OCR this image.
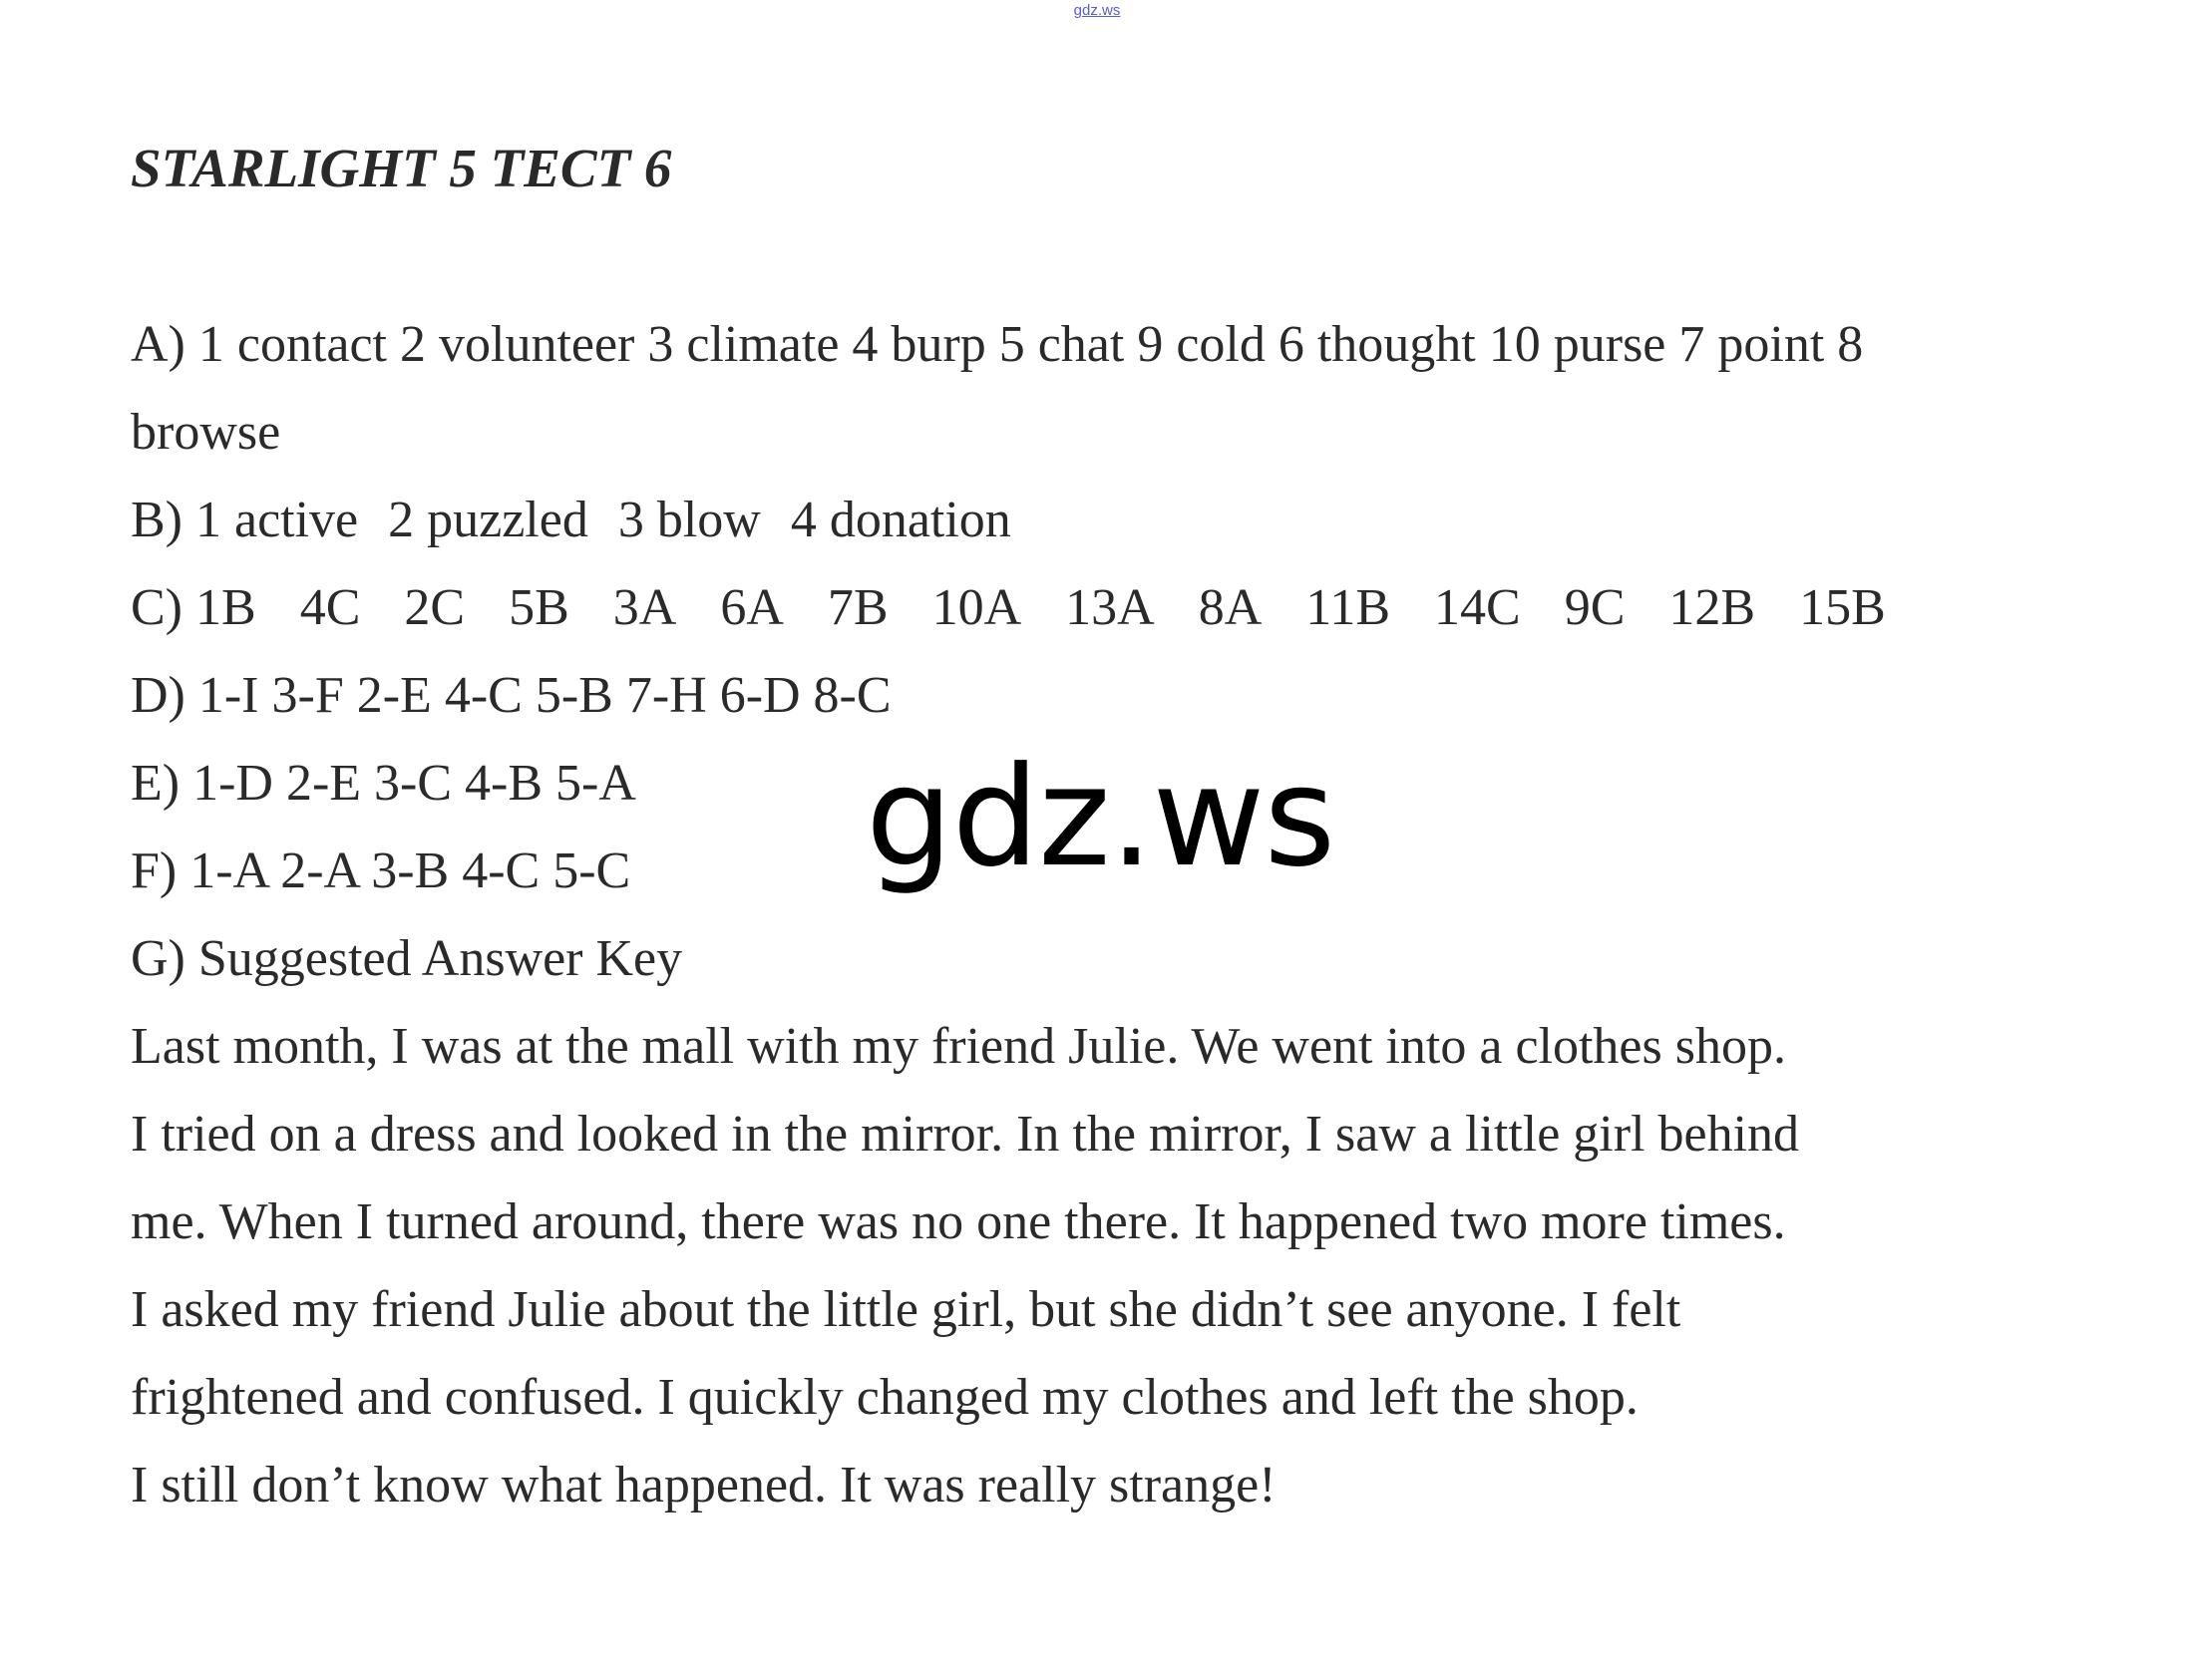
gdz.ws
STARLIGHT 5 ТЕСТ 6
A) 1 contact 2 volunteer 3 climate 4 burp 5 chat 9 cold 6 thought 10 purse 7 point 8
browse
B) 1 active 2 puzzled 3 blow 4 donation
C) 1B 4C 2C 5B 3A 6A 7B 10A 13A 8A 11B 14C 9C 12B 15B
D) 1-I 3-F 2-E 4-C 5-B 7-H 6-D 8-C
E) 1-D 2-E 3-C 4-B 5-A
F) 1-A 2-A 3-B 4-C 5-C
G) Suggested Answer Key
Last month, I was at the mall with my friend Julie. We went into a clothes shop.
I tried on a dress and looked in the mirror. In the mirror, I saw a little girl behind
me. When I turned around, there was no one there. It happened two more times.
I asked my friend Julie about the little girl, but she didn’t see anyone. I felt
frightened and confused. I quickly changed my clothes and left the shop.
I still don’t know what happened. It was really strange!
gdz.ws
